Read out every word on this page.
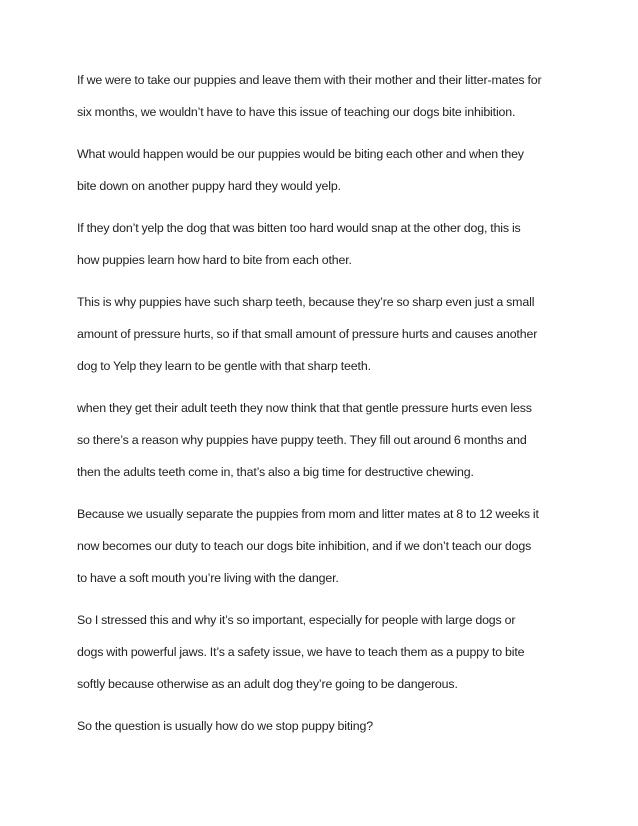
If we were to take our puppies and leave them with their mother and their litter-mates for
six months, we wouldn’t have to have this issue of teaching our dogs bite inhibition.

What would happen would be our puppies would be biting each other and when they
bite down on another puppy hard they would yelp.

If they don’t yelp the dog that was bitten too hard would snap at the other dog, this is
how puppies learn how hard to bite from each other.

This is why puppies have such sharp teeth, because they’re so sharp even just a small
amount of pressure hurts, so if that small amount of pressure hurts and causes another
dog to Yelp they learn to be gentle with that sharp teeth.

when they get their adult teeth they now think that that gentle pressure hurts even less
so there’s a reason why puppies have puppy teeth. They fill out around 6 months and
then the adults teeth come in, that’s also a big time for destructive chewing.

Because we usually separate the puppies from mom and litter mates at 8 to 12 weeks it
now becomes our duty to teach our dogs bite inhibition, and if we don’t teach our dogs
to have a soft mouth you’re living with the danger.

So I stressed this and why it’s so important, especially for people with large dogs or
dogs with powerful jaws. It’s a safety issue, we have to teach them as a puppy to bite
softly because otherwise as an adult dog they’re going to be dangerous.

So the question is usually how do we stop puppy biting?
